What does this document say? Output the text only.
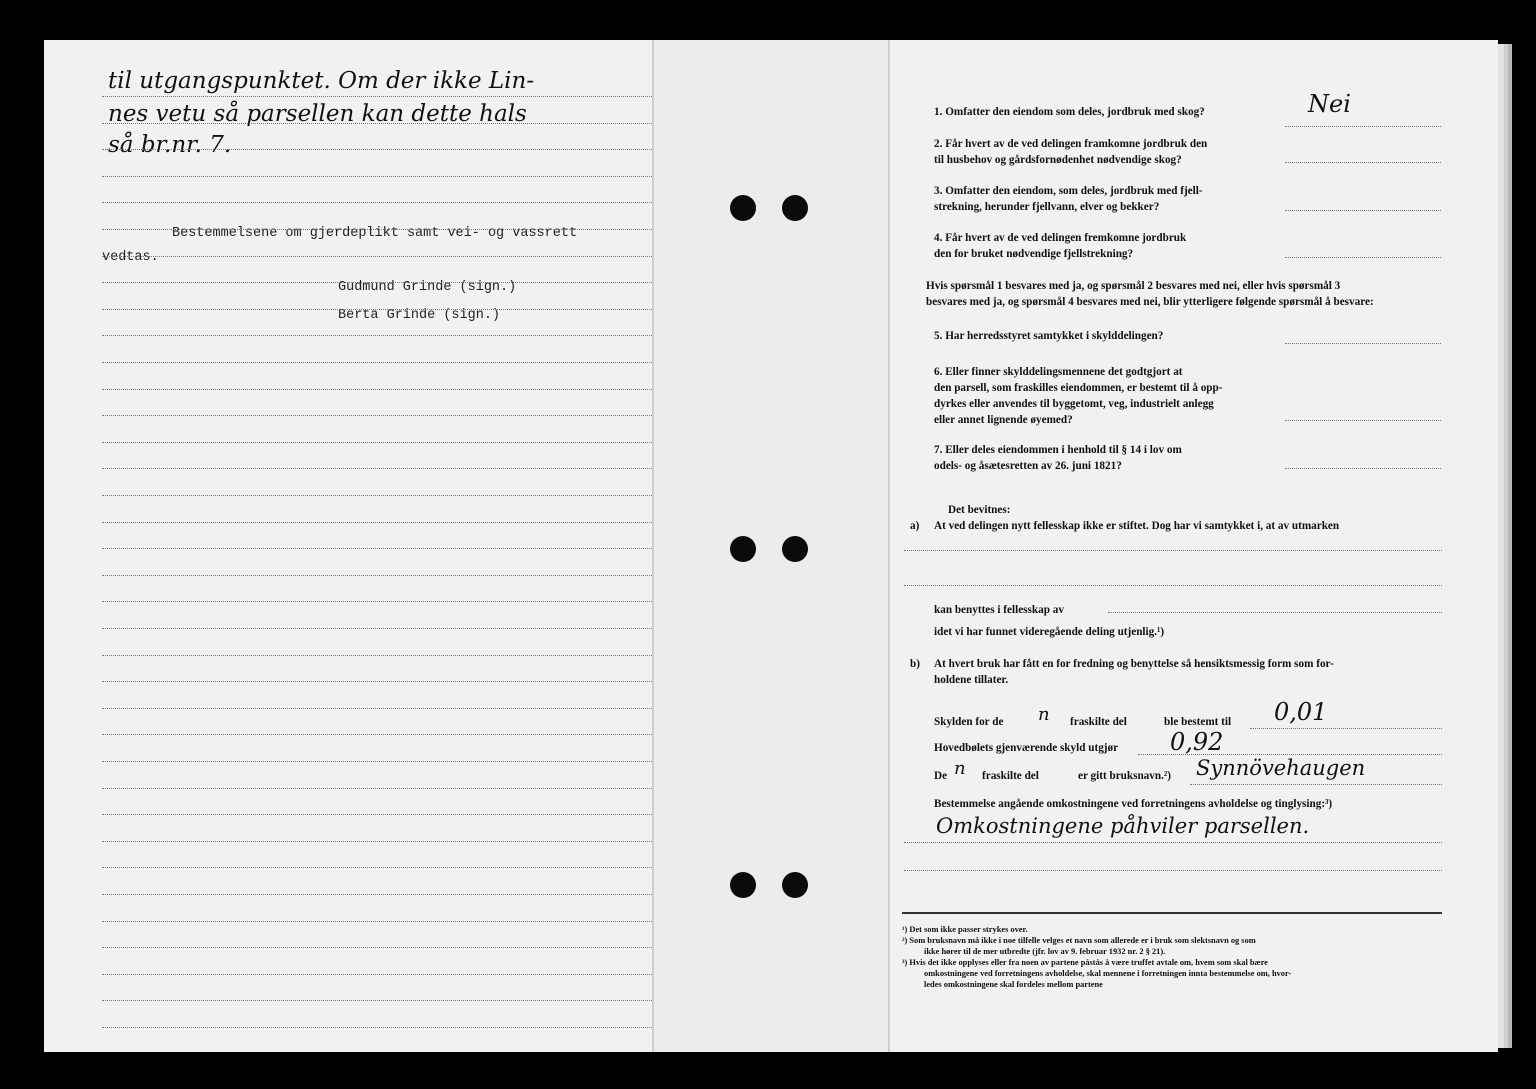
til utgangspunktet. Om der ikke Lin-
nes vetu så parsellen kan dette hals
så br.nr. 7.
Bestemmelsene om gjerdeplikt samt vei- og vassrett
vedtas.
Gudmund Grinde (sign.)
Berta Grinde (sign.)

1. Omfatter den eiendom som deles, jordbruk med skog?	Nei

2. Får hvert av de ved delingen framkomne jordbruk den

til husbehov og gårdsfornødenhet nødvendige skog?

3. Omfatter den eiendom, som deles, jordbruk med fjell-

strekning, herunder fjellvann, elver og bekker?

4. Får hvert av de ved delingen fremkomne jordbruk

den for bruket nødvendige fjellstrekning?

Hvis spørsmål 1 besvares med ja, og spørsmål 2 besvares med nei, eller hvis spørsmål 3

besvares med ja, og spørsmål 4 besvares med nei, blir ytterligere følgende spørsmål å besvare:

5. Har herredsstyret samtykket i skylddelingen?

6. Eller finner skylddelingsmennene det godtgjort at

den parsell, som fraskilles eiendommen, er bestemt til å opp-

dyrkes eller anvendes til byggetomt, veg, industrielt anlegg

eller annet lignende øyemed?

7. Eller deles eiendommen i henhold til § 14 i lov om

odels- og åsætesretten av 26. juni 1821?

Det bevitnes:

a) At ved delingen nytt fellesskap ikke er stiftet. Dog har vi samtykket i, at av utmarken

kan benyttes i fellesskap av

idet vi har funnet videregående deling utjenlig.¹)

b) At hvert bruk har fått en for fredning og benyttelse så hensiktsmessig form som for-

holdene tillater.

Skylden for de n fraskilte del	ble bestemt til 0,01
Hovedbølets gjenværende skyld utgjør 0,92
De n fraskilte del	er gitt bruksnavn.²) Synnövehaugen
Bestemmelse angående omkostningene ved forretningens avholdelse og tinglysing:³)
Omkostningene påhviler parsellen.

¹) Det som ikke passer strykes over.

²) Som bruksnavn må ikke i noe tilfelle velges et navn som allerede er i bruk som slektsnavn og som

ikke hører til de mer utbredte (jfr. lov av 9. februar 1932 nr. 2 § 21).

³) Hvis det ikke opplyses eller fra noen av partene påstås å være truffet avtale om, hvem som skal bære

omkostningene ved forretningens avholdelse, skal mennene i forretningen innta bestemmelse om, hvor-

ledes omkostningene skal fordeles mellom partene
